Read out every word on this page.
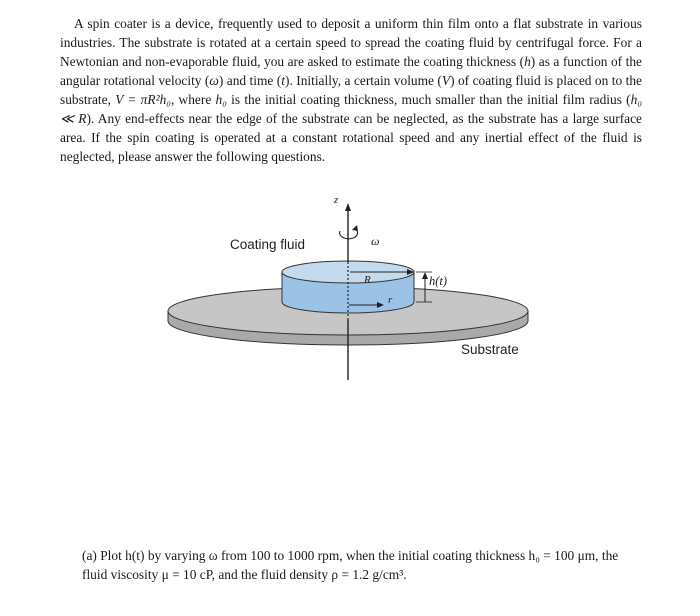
A spin coater is a device, frequently used to deposit a uniform thin film onto a flat substrate in various industries. The substrate is rotated at a certain speed to spread the coating fluid by centrifugal force. For a Newtonian and non-evaporable fluid, you are asked to estimate the coating thickness (h) as a function of the angular rotational velocity (ω) and time (t). Initially, a certain volume (V) of coating fluid is placed on to the substrate, V = πR²h₀, where h₀ is the initial coating thickness, much smaller than the initial film radius (h₀ ≪ R). Any end-effects near the edge of the substrate can be neglected, as the substrate has a large surface area. If the spin coating is operated at a constant rotational speed and any inertial effect of the fluid is neglected, please answer the following questions.

Coating fluid
z
ω
R
r
h(t)
Substrate

(a) Plot h(t) by varying ω from 100 to 1000 rpm, when the initial coating thickness h₀ = 100 μm, the
fluid viscosity μ = 10 cP, and the fluid density ρ = 1.2 g/cm³.
